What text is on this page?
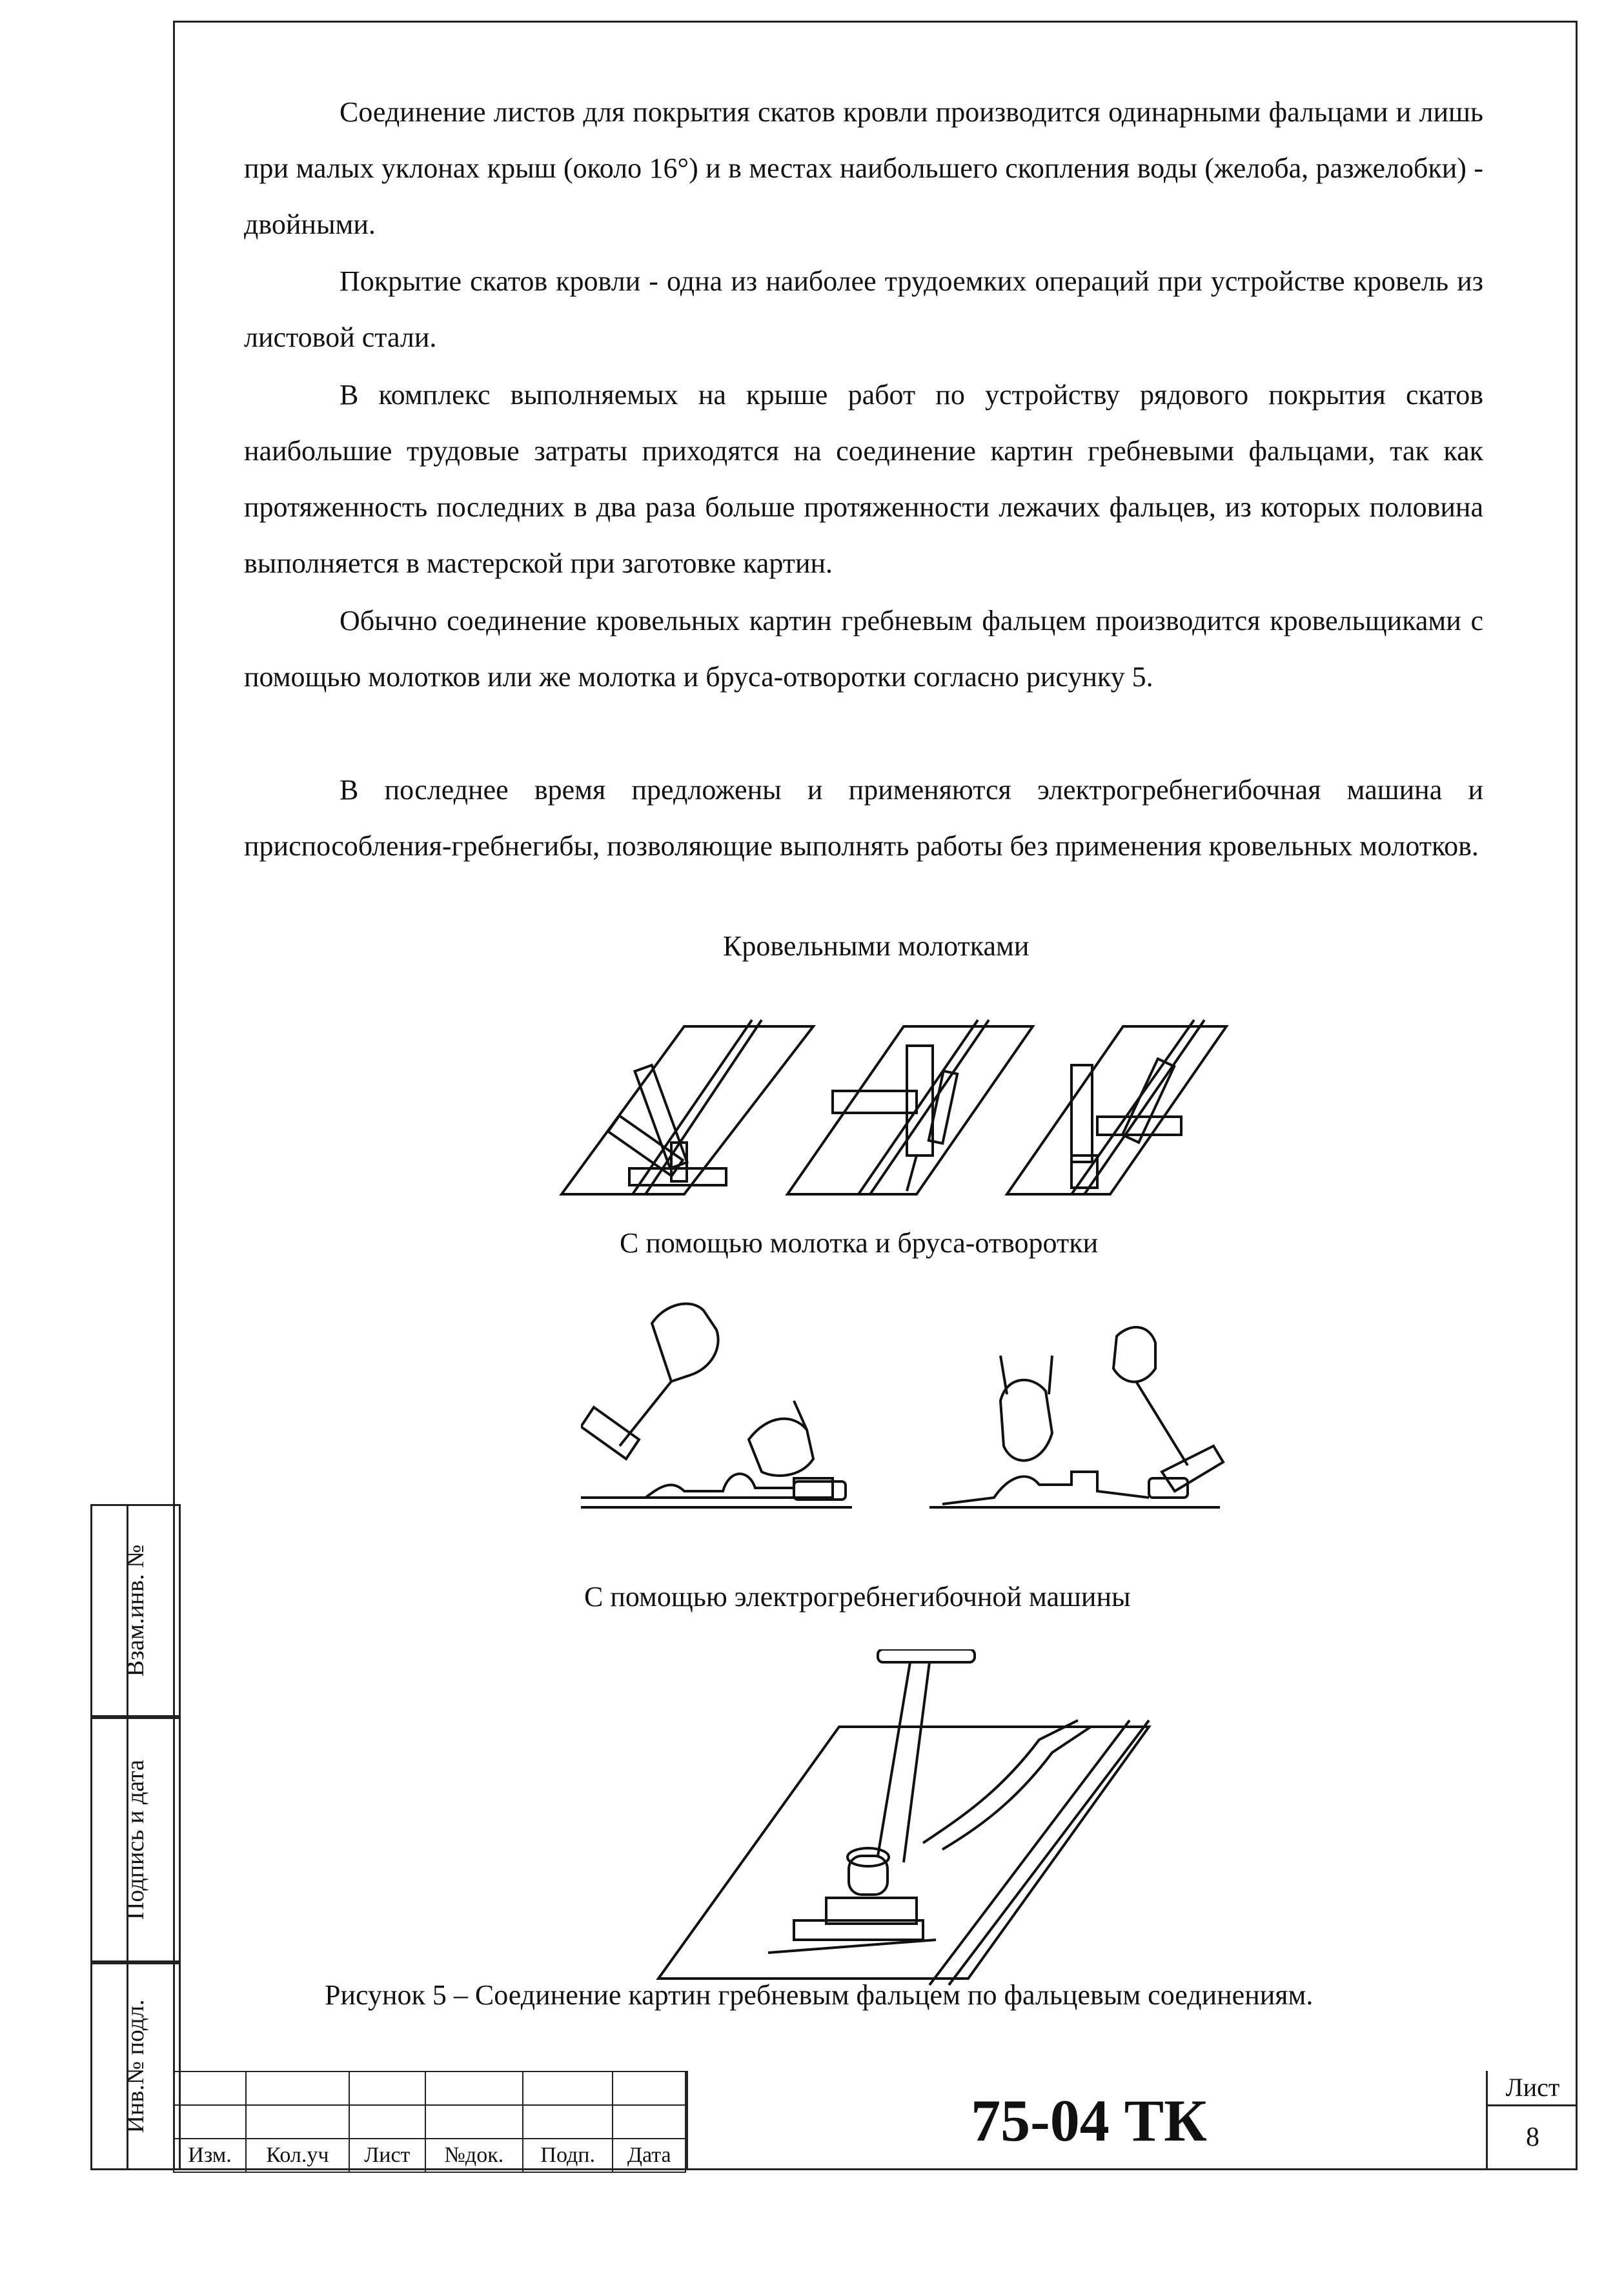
Соединение листов для покрытия скатов кровли производится одинарными фальцами и лишь при малых уклонах крыш (около 16°) и в местах наибольшего скопления воды (желоба, разжелобки) - двойными.

Покрытие скатов кровли - одна из наиболее трудоемких операций при устройстве кровель из листовой стали.

В комплекс выполняемых на крыше работ по устройству рядового покрытия скатов наибольшие трудовые затраты приходятся на соединение картин гребневыми фальцами, так как протяженность последних в два раза больше протяженности лежачих фальцев, из которых половина выполняется в мастерской при заготовке картин.

Обычно соединение кровельных картин гребневым фальцем производится кровельщиками с помощью молотков или же молотка и бруса-отворотки согласно рисунку 5.

В последнее время предложены и применяются электрогребнегибочная машина и приспособления-гребнегибы, позволяющие выполнять работы без применения кровельных молотков.

Кровельными молотками
С помощью молотка и бруса-отворотки
С помощью электрогребнегибочной машины
Рисунок 5 – Соединение картин гребневым фальцем по фальцевым соединениям.
Взам.инв. №
Подпись и дата
Инв.№ подл.

Изм.	Кол.уч	Лист	№док.	Подп.	Дата
75-04 ТК
Лист
8
